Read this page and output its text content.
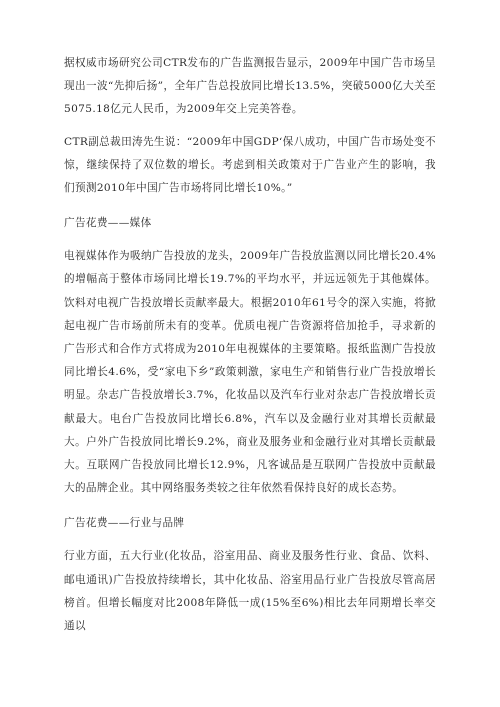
据权威市场研究公司CTR发布的广告监测报告显示，2009年中国广告市场呈现出一波“先抑后扬”，全年广告总投放同比增长13.5%，突破5000亿大关至5075.18亿元人民币，为2009年交上完美答卷。

CTR副总裁田涛先生说：“2009年中国GDP‘保八成功，中国广告市场处变不惊，继续保持了双位数的增长。考虑到相关政策对于广告业产生的影响，我们预测2010年中国广告市场将同比增长10%。”

广告花费——媒体

电视媒体作为吸纳广告投放的龙头，2009年广告投放监测以同比增长20.4%的增幅高于整体市场同比增长19.7%的平均水平，并远远领先于其他媒体。饮料对电视广告投放增长贡献率最大。根据2010年61号令的深入实施，将掀起电视广告市场前所未有的变革。优质电视广告资源将倍加抢手，寻求新的广告形式和合作方式将成为2010年电视媒体的主要策略。报纸监测广告投放同比增长4.6%，受“家电下乡”政策刺激，家电生产和销售行业广告投放增长明显。杂志广告投放增长3.7%，化妆品以及汽车行业对杂志广告投放增长贡献最大。电台广告投放同比增长6.8%，汽车以及金融行业对其增长贡献最大。户外广告投放同比增长9.2%，商业及服务业和金融行业对其增长贡献最大。互联网广告投放同比增长12.9%，凡客诚品是互联网广告投放中贡献最大的品牌企业。其中网络服务类较之往年依然看保持良好的成长态势。

广告花费——行业与品牌

行业方面，五大行业(化妆品，浴室用品、商业及服务性行业、食品、饮料、邮电通讯)广告投放持续增长，其中化妆品、浴室用品行业广告投放尽管高居榜首。但增长幅度对比2008年降低一成(15%至6%)相比去年同期增长率交通以
